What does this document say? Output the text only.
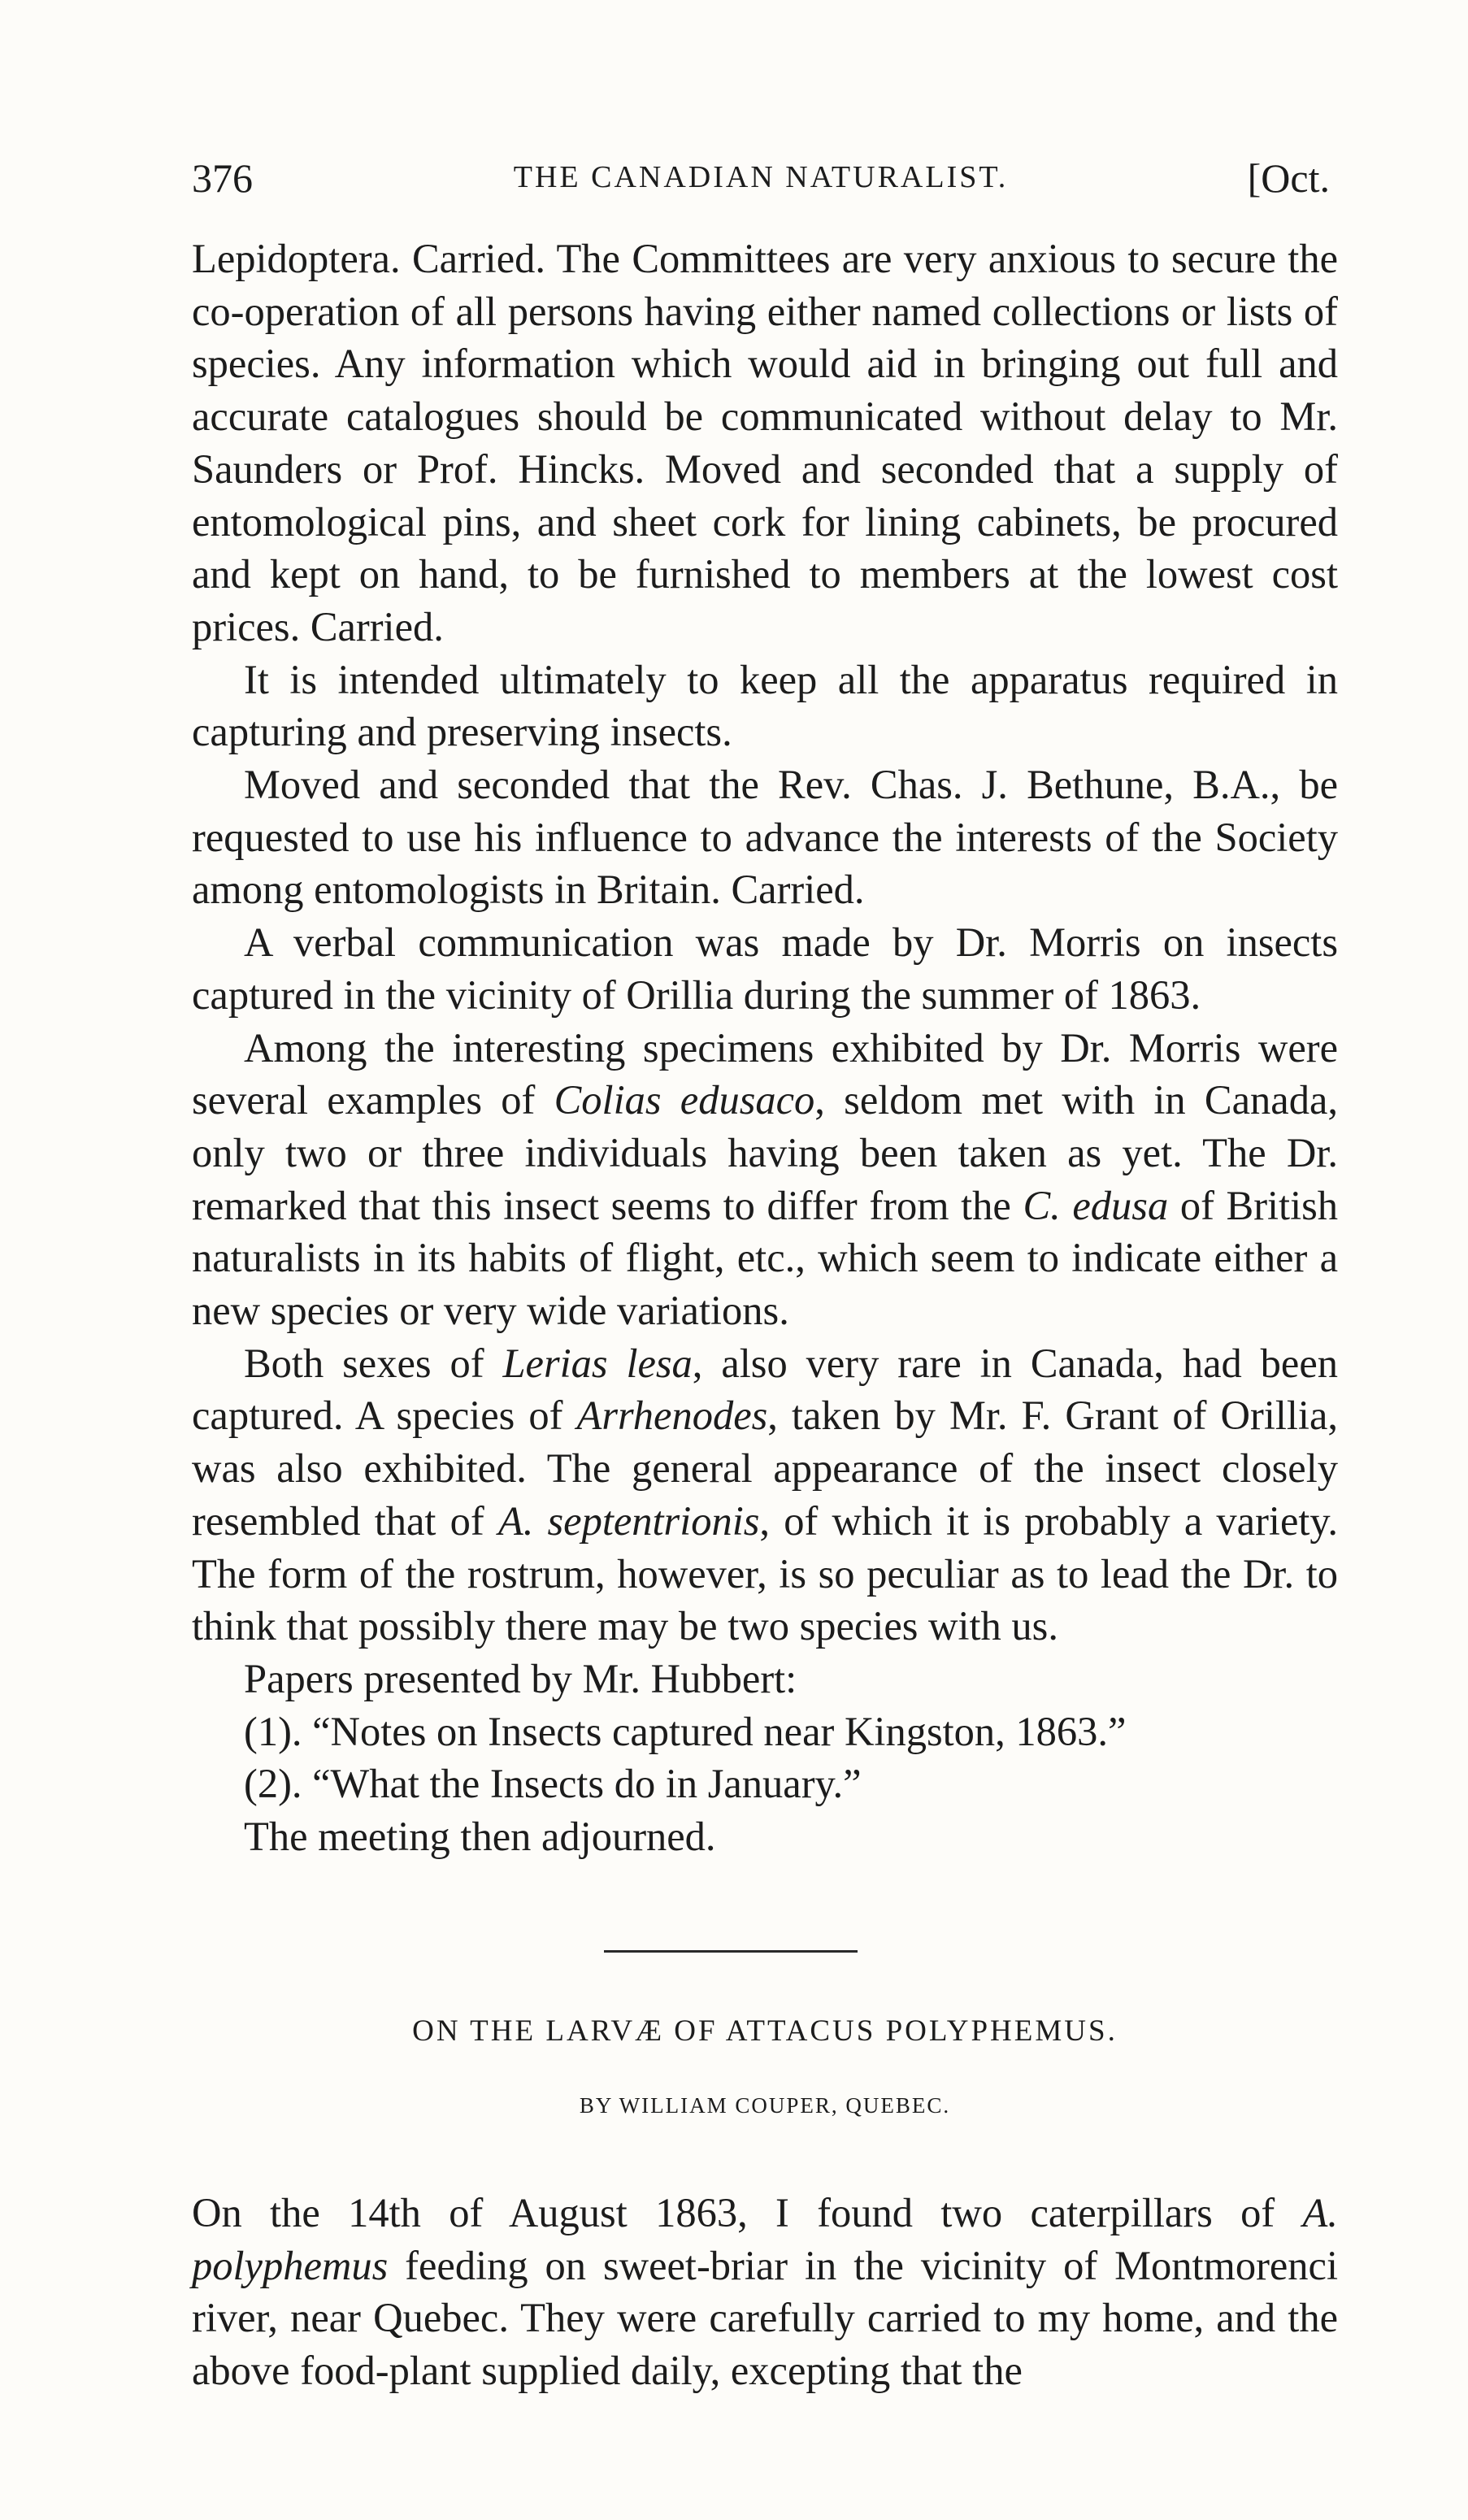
376	THE CANADIAN NATURALIST.	[Oct.

Lepidoptera. Carried. The Committees are very anxious to secure the co-operation of all persons having either named collections or lists of species. Any information which would aid in bringing out full and accurate catalogues should be communicated without delay to Mr. Saunders or Prof. Hincks. Moved and seconded that a supply of entomological pins, and sheet cork for lining cabinets, be procured and kept on hand, to be furnished to members at the lowest cost prices. Carried.

It is intended ultimately to keep all the apparatus required in capturing and preserving insects.

Moved and seconded that the Rev. Chas. J. Bethune, B.A., be requested to use his influence to advance the interests of the Society among entomologists in Britain. Carried.

A verbal communication was made by Dr. Morris on insects captured in the vicinity of Orillia during the summer of 1863.

Among the interesting specimens exhibited by Dr. Morris were several examples of Colias edusaco, seldom met with in Canada, only two or three individuals having been taken as yet. The Dr. remarked that this insect seems to differ from the C. edusa of British naturalists in its habits of flight, etc., which seem to indicate either a new species or very wide variations.

Both sexes of Lerias lesa, also very rare in Canada, had been captured. A species of Arrhenodes, taken by Mr. F. Grant of Orillia, was also exhibited. The general appearance of the insect closely resembled that of A. septentrionis, of which it is probably a variety. The form of the rostrum, however, is so peculiar as to lead the Dr. to think that possibly there may be two species with us.

Papers presented by Mr. Hubbert:

(1). “Notes on Insects captured near Kingston, 1863.”

(2). “What the Insects do in January.”

The meeting then adjourned.

ON THE LARVÆ OF ATTACUS POLYPHEMUS.
BY WILLIAM COUPER, QUEBEC.

On the 14th of August 1863, I found two caterpillars of A. polyphemus feeding on sweet-briar in the vicinity of Montmorenci river, near Quebec. They were carefully carried to my home, and the above food-plant supplied daily, excepting that the
